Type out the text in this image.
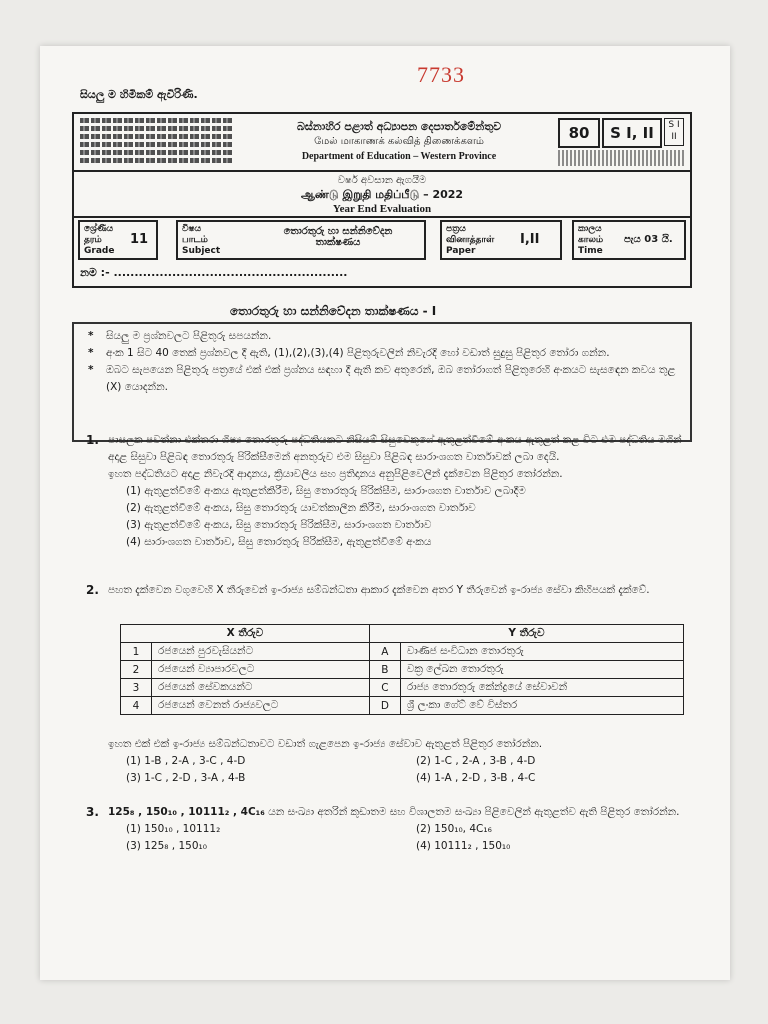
7733
සියලු ම හිමිකම් ඇවිරිණි.
බස්නාහිර පළාත් අධ්‍යාපන දෙපාර්තමේන්තුව
மேல் மாகாணக் கல்வித் திணைக்களம்
Department of Education – Western Province
80	S I, II	S I II
වර්ෂ අවසාන ඇගයීම
ஆண்டு இறுதி மதிப்பீடு – 2022
Year End Evaluation
ශ්‍රේණිය
தரம்
Grade
11
විෂය
பாடம்
Subject
තොරතුරු හා සන්නිවේදන
තාක්ෂණය
පත්‍රය
வினாத்தாள்
Paper
I,II
කාලය
காலம்
Time
පැය 03 යි.
නම :- ........................................................
තොරතුරු හා සන්නිවේදන තාක්ෂණය - I
* සියලු ම ප්‍රශ්නවලට පිළිතුරු සපයන්න.
* අංක 1 සිට 40 තෙක් ප්‍රශ්නවල දී ඇති, (1),(2),(3),(4) පිළිතුරුවලින් නිවැරදි හෝ වඩාත් සුදුසු පිළිතුර තෝරා ගන්න.
* ඔබට සැපයෙන පිළිතුරු පත්‍රයේ එක් එක් ප්‍රශ්නය සඳහා දී ඇති කව අතුරෙන්, ඔබ තෝරාගත් පිළිතුරෙහි අංකයට සැසඳෙන කවය තුළ (X) යොදන්න.
1. පාසලක පවත්නා එක්තරා ශිෂ්‍ය තොරතුරු පද්ධතියකට නිසියම් සිසුවෙකුගේ ඇතුළත්වීමේ අංකය ඇතුළත් කළ විට එම පද්ධතිය මගින් අදාළ සිසුවා පිළිබඳ තොරතුරු පිරික්සීමෙන් අනතුරුව එම සිසුවා පිළිබඳ සාරාංශගත වාර්තාවක් ලබා දෙයි.
ඉහත පද්ධතියට අදාළ නිවැරදි ආදානය, ක්‍රියාවලිය සහ ප්‍රතිදානය අනුපිළිවෙලින් දැක්වෙන පිළිතුර තෝරන්න.
(1) ඇතුළත්වීමේ අංකය ඇතුළත්කිරීම, සිසු තොරතුරු පිරික්සීම, සාරාංශගත වාර්තාව ලබාදීම
(2) ඇතුළත්වීමේ අංකය, සිසු තොරතුරු යාවත්කාලීන කිරීම, සාරාංශගත වාර්තාව
(3) ඇතුළත්වීමේ අංකය, සිසු තොරතුරු පිරික්සීම, සාරාංශගත වාර්තාව
(4) සාරාංශගත වාර්තාව, සිසු තොරතුරු පිරික්සීම, ඇතුළත්වීමේ අංකය
2. පහත දැක්වෙන වගුවෙහි X තීරුවෙන් ඉ-රාජ්‍ය සම්බන්ධතා ආකාර දැක්වෙන අතර Y තීරුවෙන් ඉ-රාජ්‍ය සේවා කිහිපයක් දැක්වේ.
X තීරුව		Y තීරුව	
1	රජයෙන් පුරවැසියන්ට	A	වාණිජ සංවිධාන තොරතුරු
2	රජයෙන් ව්‍යාපාරවලට	B	වක්‍ර ලේඛන තොරතුරු
3	රජයෙන් සේවකයන්ට	C	රාජ්‍ය තොරතුරු කේන්ද්‍රයේ සේවාවන්
4	රජයෙන් වෙනත් රාජ්‍යවලට	D	ශ්‍රී ලංකා ගේට් වේ විස්තර
ඉහත එක් එක් ඉ-රාජ්‍ය සම්බන්ධතාවට වඩාත් ගැළපෙන ඉ-රාජ්‍ය සේවාව ඇතුළත් පිළිතුර තෝරන්න.
(1) 1-B , 2-A , 3-C , 4-D	(2) 1-C , 2-A , 3-B , 4-D
(3) 1-C , 2-D , 3-A , 4-B	(4) 1-A , 2-D , 3-B , 4-C
3. 125₈ , 150₁₀ , 10111₂ , 4C₁₆ යන සංඛ්‍යා අතරින් කුඩාතම සහ විශාලතම සංඛ්‍යා පිළිවෙලින් ඇතුළත්ව ඇති පිළිතුර තෝරන්න.
(1) 150₁₀ , 10111₂	(2) 150₁₀, 4C₁₆
(3) 125₈ , 150₁₀	(4) 10111₂ , 150₁₀
